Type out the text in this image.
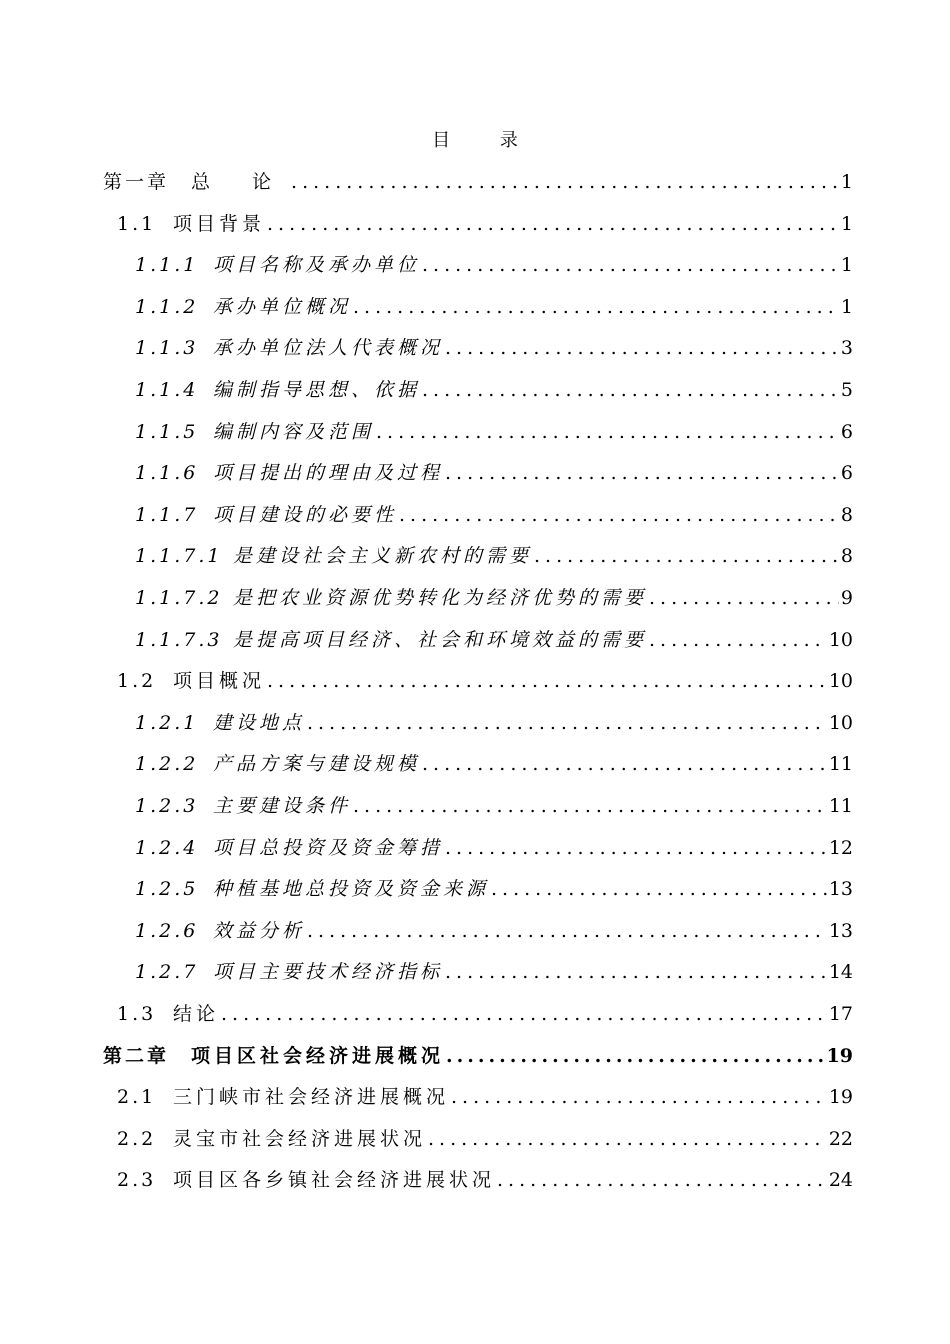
目 录
第一章	总 论 .....	1
1.1 项目背景 .....	1
1.1.1 项目名称及承办单位 .....	1
1.1.2 承办单位概况 .....	1
1.1.3 承办单位法人代表概况 .....	3
1.1.4 编制指导思想、依据 .....	5
1.1.5 编制内容及范围 .....	6
1.1.6 项目提出的理由及过程 .....	6
1.1.7 项目建设的必要性 .....	8
1.1.7.1 是建设社会主义新农村的需要 .....	8
1.1.7.2 是把农业资源优势转化为经济优势的需要 .....	9
1.1.7.3 是提高项目经济、社会和环境效益的需要 .....	10
1.2 项目概况 .....	10
1.2.1 建设地点 .....	10
1.2.2 产品方案与建设规模 .....	11
1.2.3 主要建设条件 .....	11
1.2.4 项目总投资及资金筹措 .....	12
1.2.5 种植基地总投资及资金来源 .....	13
1.2.6 效益分析 .....	13
1.2.7 项目主要技术经济指标 .....	14
1.3 结论 .....	17
第二章	项目区社会经济进展概况 .....	19
2.1 三门峡市社会经济进展概况 .....	19
2.2 灵宝市社会经济进展状况 .....	22
2.3 项目区各乡镇社会经济进展状况 .....	24
